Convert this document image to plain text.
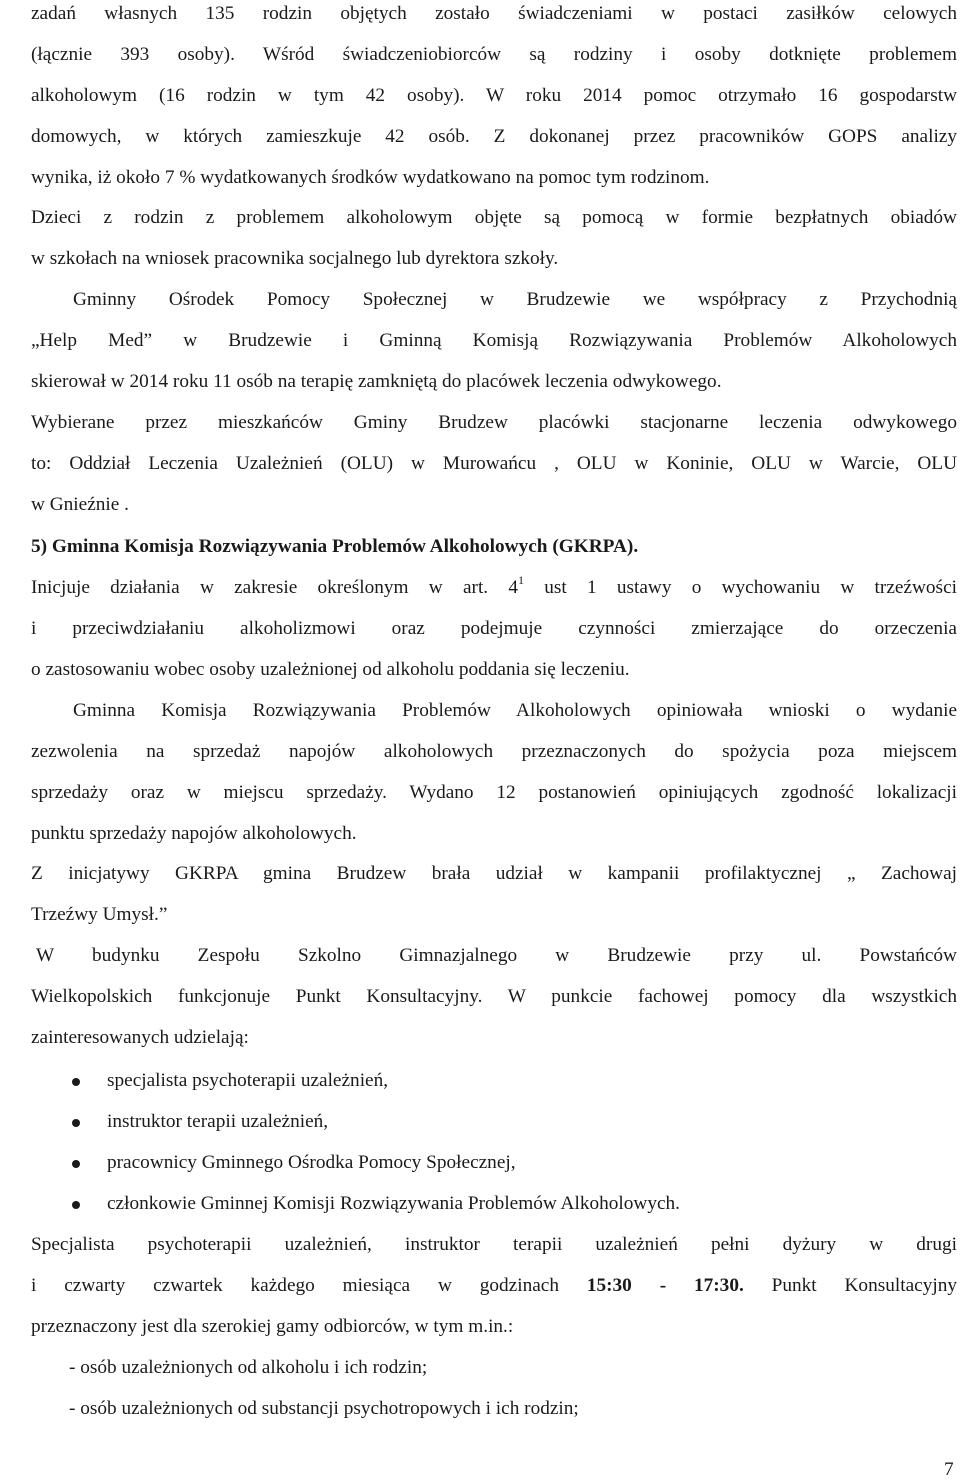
zadań własnych 135 rodzin objętych zostało świadczeniami w postaci zasiłków celowych
(łącznie 393 osoby). Wśród świadczeniobiorców są rodziny i osoby dotknięte problemem
alkoholowym (16 rodzin w tym 42 osoby). W roku 2014 pomoc otrzymało 16 gospodarstw
domowych, w których zamieszkuje 42 osób. Z dokonanej przez pracowników GOPS analizy
wynika, iż około 7 % wydatkowanych środków wydatkowano na pomoc tym rodzinom.
Dzieci z rodzin z problemem alkoholowym objęte są pomocą w formie bezpłatnych obiadów
w szkołach na wniosek pracownika socjalnego lub dyrektora szkoły.
Gminny Ośrodek Pomocy Społecznej w Brudzewie we współpracy z Przychodnią
„Help Med” w Brudzewie i Gminną Komisją Rozwiązywania Problemów Alkoholowych
skierował w 2014 roku 11 osób na terapię zamkniętą do placówek leczenia odwykowego.
Wybierane przez mieszkańców Gminy Brudzew placówki stacjonarne leczenia odwykowego
to: Oddział Leczenia Uzależnień (OLU) w Murowańcu , OLU w Koninie, OLU w Warcie, OLU
w Gnieźnie .
5) Gminna Komisja Rozwiązywania Problemów Alkoholowych (GKRPA).
Inicjuje działania w zakresie określonym w art. $4^1$ ust 1 ustawy o wychowaniu w trzeźwości
i przeciwdziałaniu alkoholizmowi oraz podejmuje czynności zmierzające do orzeczenia
o zastosowaniu wobec osoby uzależnionej od alkoholu poddania się leczeniu.
Gminna Komisja Rozwiązywania Problemów Alkoholowych opiniowała wnioski o wydanie
zezwolenia na sprzedaż napojów alkoholowych przeznaczonych do spożycia poza miejscem
sprzedaży oraz w miejscu sprzedaży. Wydano 12 postanowień opiniujących zgodność lokalizacji
punktu sprzedaży napojów alkoholowych.
Z inicjatywy GKRPA gmina Brudzew brała udział w kampanii profilaktycznej „ Zachowaj
Trzeźwy Umysł.”
W budynku Zespołu Szkolno Gimnazjalnego w Brudzewie przy ul. Powstańców
Wielkopolskich funkcjonuje Punkt Konsultacyjny. W punkcie fachowej pomocy dla wszystkich
zainteresowanych udzielają:
specjalista psychoterapii uzależnień,
instruktor terapii uzależnień,
pracownicy Gminnego Ośrodka Pomocy Społecznej,
członkowie Gminnej Komisji Rozwiązywania Problemów Alkoholowych.
Specjalista psychoterapii uzależnień, instruktor terapii uzależnień pełni dyżury w drugi
i czwarty czwartek każdego miesiąca w godzinach 15:30 - 17:30. Punkt Konsultacyjny
przeznaczony jest dla szerokiej gamy odbiorców, w tym m.in.:
- osób uzależnionych od alkoholu i ich rodzin;
- osób uzależnionych od substancji psychotropowych i ich rodzin;
7
